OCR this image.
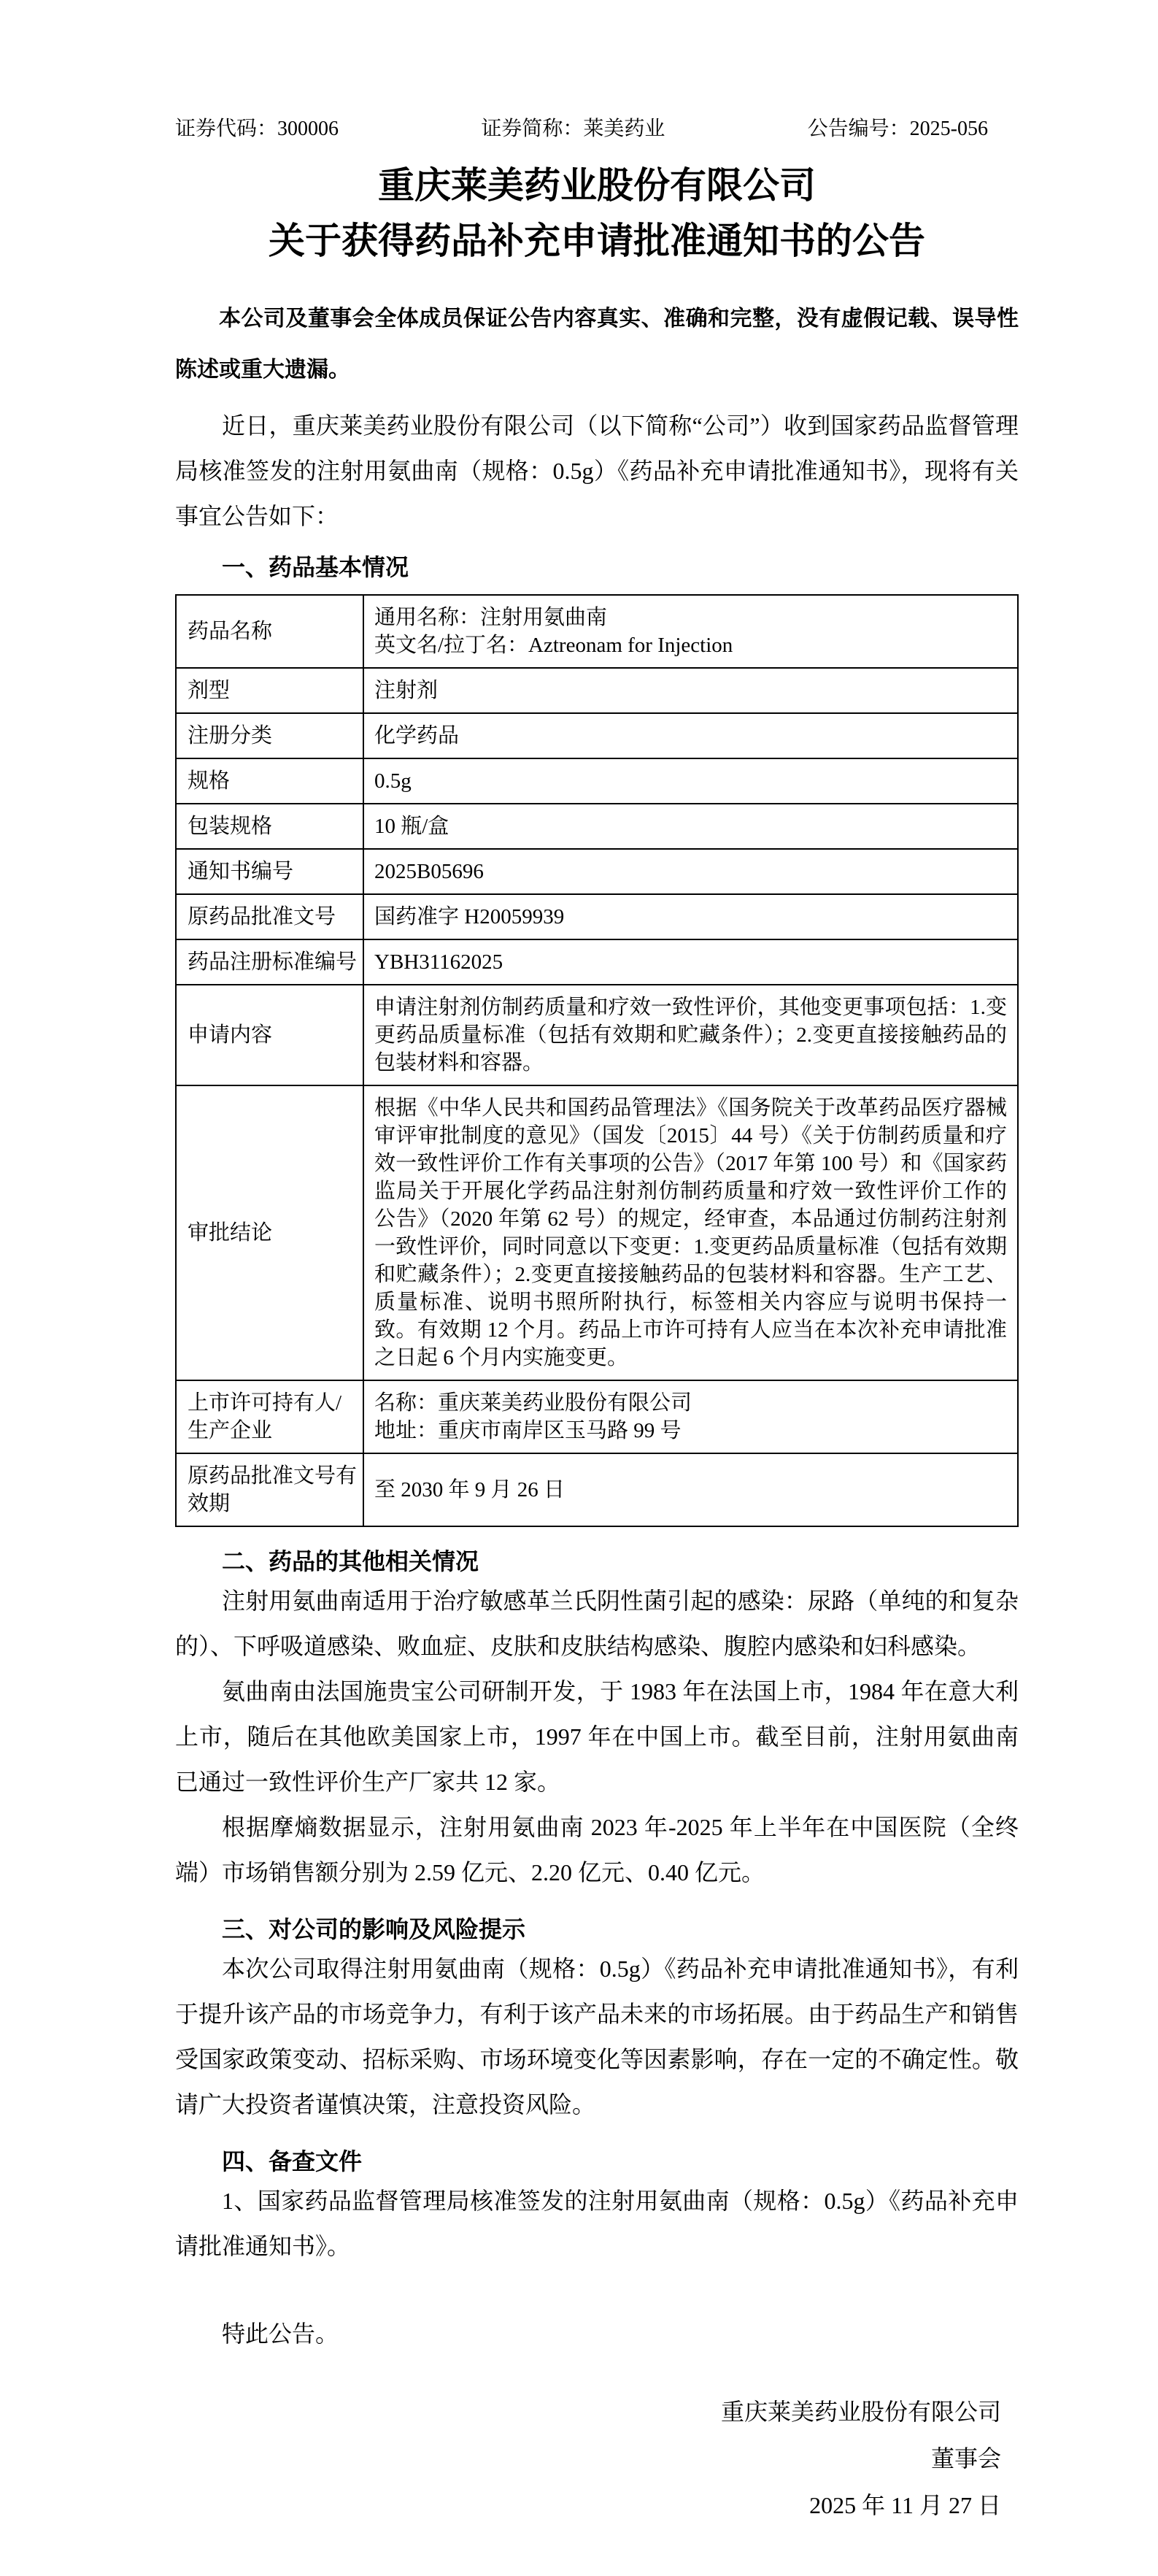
证券代码：300006	证券简称：莱美药业	公告编号：2025-056
重庆莱美药业股份有限公司
关于获得药品补充申请批准通知书的公告

本公司及董事会全体成员保证公告内容真实、准确和完整，没有虚假记载、误导性陈述或重大遗漏。

近日，重庆莱美药业股份有限公司（以下简称“公司”）收到国家药品监督管理局核准签发的注射用氨曲南（规格：0.5g）《药品补充申请批准通知书》，现将有关事宜公告如下：

一、药品基本情况
药品名称	通用名称：注射用氨曲南
英文名/拉丁名：Aztreonam for Injection

剂型	注射剂

注册分类	化学药品

规格	0.5g

包装规格	10 瓶/盒

通知书编号	2025B05696

原药品批准文号	国药准字 H20059939

药品注册标准编号	YBH31162025

申请内容	申请注射剂仿制药质量和疗效一致性评价，其他变更事项包括：1.变更药品质量标准（包括有效期和贮藏条件）；2.变更直接接触药品的包装材料和容器。

审批结论	根据《中华人民共和国药品管理法》《国务院关于改革药品医疗器械审评审批制度的意见》（国发〔2015〕44 号）《关于仿制药质量和疗效一致性评价工作有关事项的公告》（2017 年第 100 号）和《国家药监局关于开展化学药品注射剂仿制药质量和疗效一致性评价工作的公告》（2020 年第 62 号）的规定，经审查，本品通过仿制药注射剂一致性评价，同时同意以下变更：1.变更药品质量标准（包括有效期和贮藏条件）；2.变更直接接触药品的包装材料和容器。生产工艺、质量标准、说明书照所附执行，标签相关内容应与说明书保持一致。有效期 12 个月。药品上市许可持有人应当在本次补充申请批准之日起 6 个月内实施变更。

上市许可持有人/生产企业	名称：重庆莱美药业股份有限公司
地址：重庆市南岸区玉马路 99 号

原药品批准文号有效期	至 2030 年 9 月 26 日
二、药品的其他相关情况

注射用氨曲南适用于治疗敏感革兰氏阴性菌引起的感染：尿路（单纯的和复杂的）、下呼吸道感染、败血症、皮肤和皮肤结构感染、腹腔内感染和妇科感染。

氨曲南由法国施贵宝公司研制开发，于 1983 年在法国上市，1984 年在意大利上市，随后在其他欧美国家上市，1997 年在中国上市。截至目前，注射用氨曲南已通过一致性评价生产厂家共 12 家。

根据摩熵数据显示，注射用氨曲南 2023 年-2025 年上半年在中国医院（全终端）市场销售额分别为 2.59 亿元、2.20 亿元、0.40 亿元。

三、对公司的影响及风险提示

本次公司取得注射用氨曲南（规格：0.5g）《药品补充申请批准通知书》，有利于提升该产品的市场竞争力，有利于该产品未来的市场拓展。由于药品生产和销售受国家政策变动、招标采购、市场环境变化等因素影响，存在一定的不确定性。敬请广大投资者谨慎决策，注意投资风险。

四、备查文件

1、国家药品监督管理局核准签发的注射用氨曲南（规格：0.5g）《药品补充申请批准通知书》。

特此公告。

重庆莱美药业股份有限公司
董事会
2025 年 11 月 27 日
